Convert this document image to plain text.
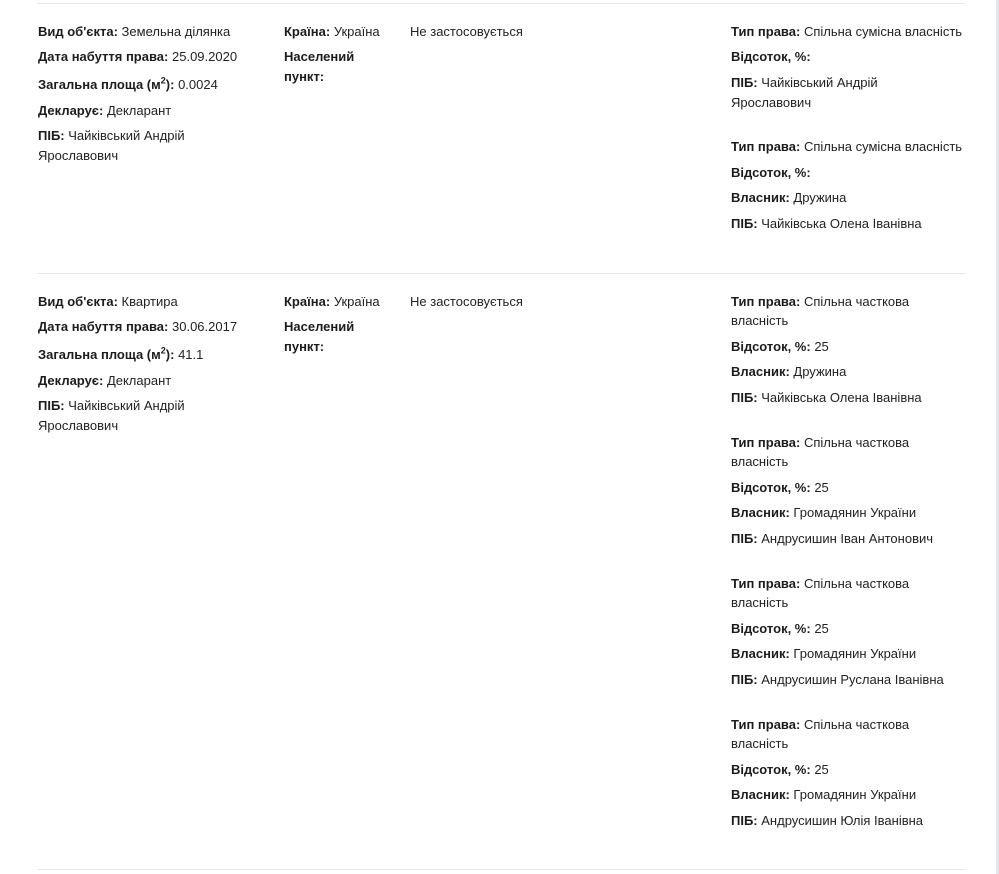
Вид об'єкта: Земельна ділянка
Дата набуття права: 25.09.2020
Загальна площа $(м^2)$: 0.0024
Декларує: Декларант
ПІБ: Чайківський Андрій
Ярославович
Країна: Україна
Населений
пункт:
Не застосовується	Тип права: Спільна сумісна власність
Відсоток, %:
ПІБ: Чайківський Андрій
Ярославович
Тип права: Спільна сумісна власність
Відсоток, %:
Власник: Дружина
ПІБ: Чайківська Олена Іванівна
Вид об'єкта: Квартира
Дата набуття права: 30.06.2017
Загальна площа $(м^2)$: 41.1
Декларує: Декларант
ПІБ: Чайківський Андрій
Ярославович
Країна: Україна
Населений
пункт:
Не застосовується	Тип права: Спільна часткова
власність
Відсоток, %: 25
Власник: Дружина
ПІБ: Чайківська Олена Іванівна
Тип права: Спільна часткова
власність
Відсоток, %: 25
Власник: Громадянин України
ПІБ: Андрусишин Іван Антонович
Тип права: Спільна часткова
власність
Відсоток, %: 25
Власник: Громадянин України
ПІБ: Андрусишин Руслана Іванівна
Тип права: Спільна часткова
власність
Відсоток, %: 25
Власник: Громадянин України
ПІБ: Андрусишин Юлія Іванівна
